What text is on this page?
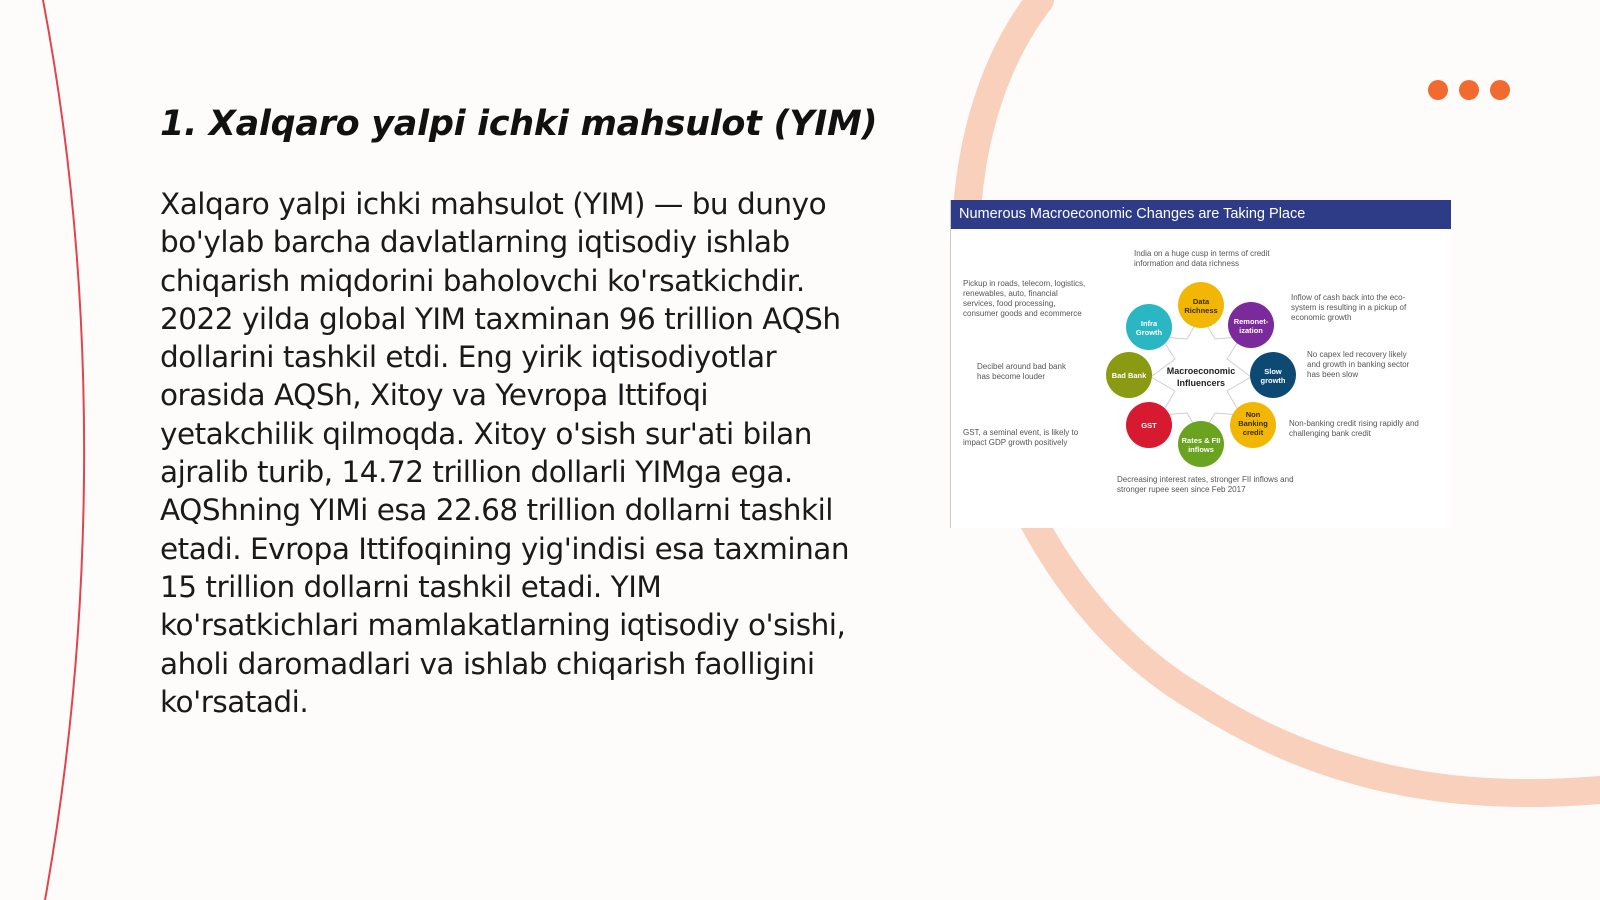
1. Xalqaro yalpi ichki mahsulot (YIM)

Xalqaro yalpi ichki mahsulot (YIM) — bu dunyo bo'ylab barcha davlatlarning iqtisodiy ishlab chiqarish miqdorini baholovchi ko'rsatkichdir. 2022 yilda global YIM taxminan 96 trillion AQSh dollarini tashkil etdi. Eng yirik iqtisodiyotlar orasida AQSh, Xitoy va Yevropa Ittifoqi yetakchilik qilmoqda. Xitoy o'sish sur'ati bilan ajralib turib, 14.72 trillion dollarli YIMga ega. AQShning YIMi esa 22.68 trillion dollarni tashkil etadi. Evropa Ittifoqining yig'indisi esa taxminan 15 trillion dollarni tashkil etadi. YIM ko'rsatkichlari mamlakatlarning iqtisodiy o'sishi, aholi daromadlari va ishlab chiqarish faolligini ko'rsatadi.

Numerous Macroeconomic Changes are Taking Place
Macroeconomic
Influencers
Data
Richness
Remonet-
ization
Slow
growth
Non
Banking
credit
Rates & FII
inflows
GST
Bad Bank
Infra
Growth
India on a huge cusp in terms of credit
information and data richness
Pickup in roads, telecom, logistics,
renewables, auto, financial
services, food processing,
consumer goods and ecommerce
Inflow of cash back into the eco-
system is resulting in a pickup of
economic growth
Decibel around bad bank
has become louder
No capex led recovery likely
and growth in banking sector
has been slow
GST, a seminal event, is likely to
impact GDP growth positively
Non-banking credit rising rapidly and
challenging bank credit
Decreasing interest rates, stronger FII inflows and
stronger rupee seen since Feb 2017
